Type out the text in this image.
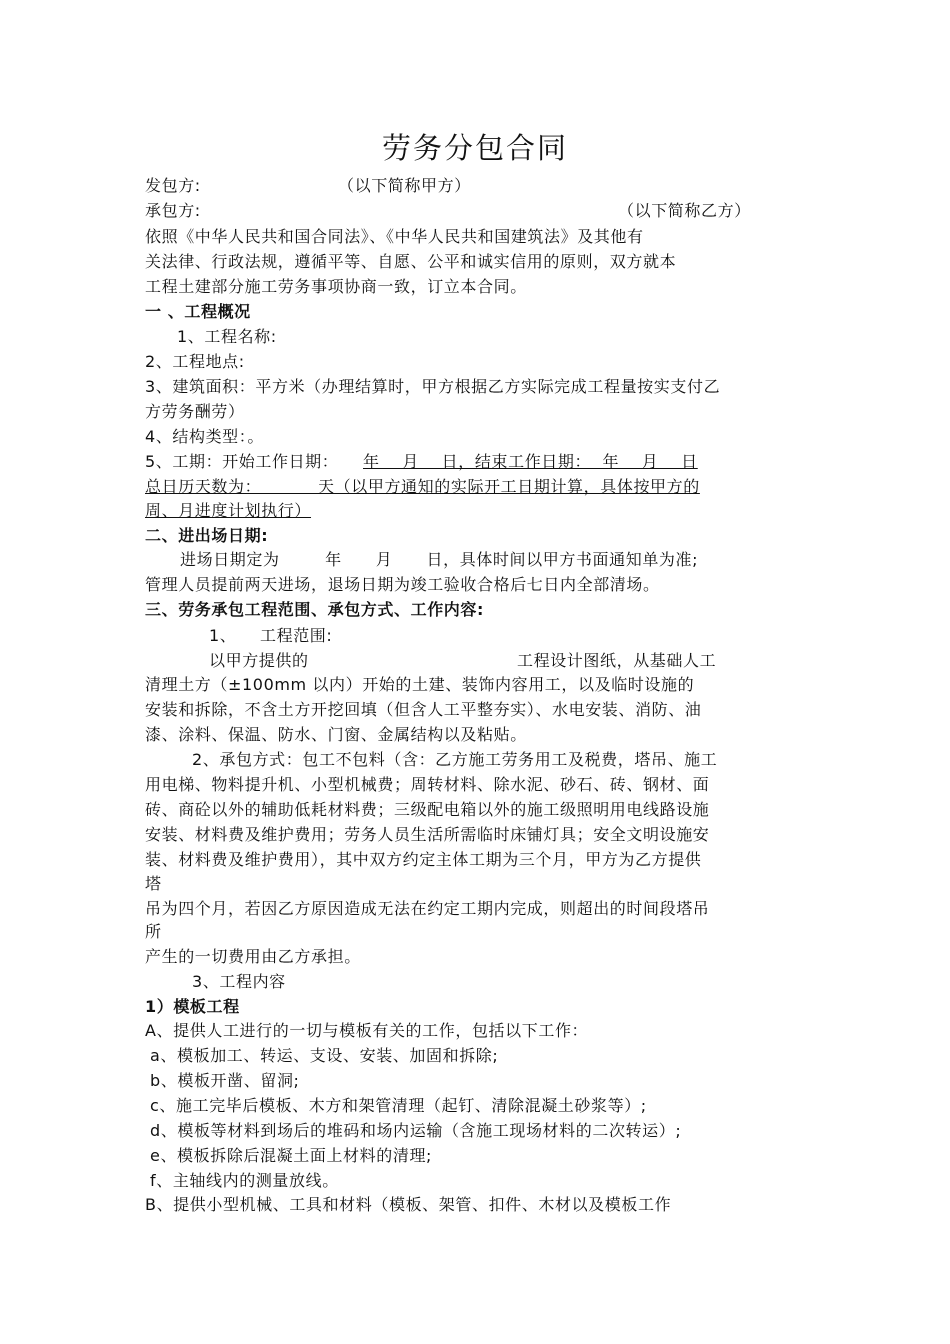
劳务分包合同
发包方:	（以下简称甲方）
承包方:	（以下简称乙方）
依照《中华人民共和国合同法》、《中华人民共和国建筑法》及其他有
关法律、行政法规，遵循平等、自愿、公平和诚实信用的原则，双方就本
工程土建部分施工劳务事项协商一致，订立本合同。
一 、工程概况
1、工程名称:
2、工程地点:
3、建筑面积：平方米（办理结算时，甲方根据乙方实际完成工程量按实支付乙
方劳务酬劳）
4、结构类型：。
5、工期：开始工作日期： 年    月    日，结束工作日期：  年    月    日
总日历天数为：          天（以甲方通知的实际开工日期计算，具体按甲方的
周、月进度计划执行）
二、进出场日期:
进场日期定为        年      月      日，具体时间以甲方书面通知单为准;
管理人员提前两天进场，退场日期为竣工验收合格后七日内全部清场。
三、劳务承包工程范围、承包方式、工作内容:
1、 工程范围:
以甲方提供的	工程设计图纸，从基础人工
清理土方（±100mm 以内）开始的土建、装饰内容用工，以及临时设施的
安装和拆除，不含土方开挖回填（但含人工平整夯实）、水电安装、消防、油
漆、涂料、保温、防水、门窗、金属结构以及粘贴。
2、承包方式：包工不包料（含：乙方施工劳务用工及税费，塔吊、施工
用电梯、物料提升机、小型机械费；周转材料、除水泥、砂石、砖、钢材、面
砖、商砼以外的辅助低耗材料费；三级配电箱以外的施工级照明用电线路设施
安装、材料费及维护费用；劳务人员生活所需临时床铺灯具；安全文明设施安
装、材料费及维护费用），其中双方约定主体工期为三个月，甲方为乙方提供
塔
吊为四个月，若因乙方原因造成无法在约定工期内完成，则超出的时间段塔吊
所
产生的一切费用由乙方承担。
3、工程内容
1）模板工程
A、提供人工进行的一切与模板有关的工作，包括以下工作：
a、模板加工、转运、支设、安装、加固和拆除;
b、模板开凿、留洞;
c、施工完毕后模板、木方和架管清理（起钉、清除混凝土砂浆等）;
d、模板等材料到场后的堆码和场内运输（含施工现场材料的二次转运）;
e、模板拆除后混凝土面上材料的清理;
f、主轴线内的测量放线。
B、提供小型机械、工具和材料（模板、架管、扣件、木材以及模板工作
